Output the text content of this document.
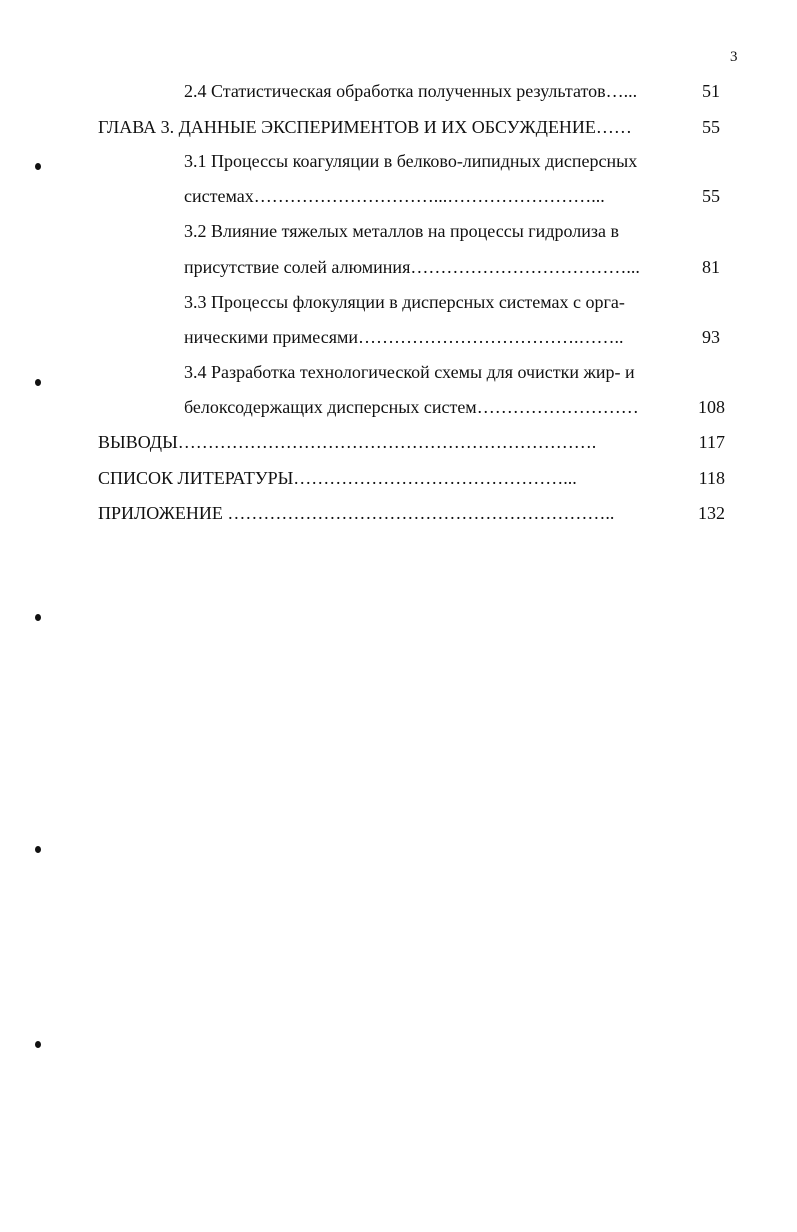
3
2.4 Статистическая обработка полученных результатов…...	51
ГЛАВА 3. ДАННЫЕ ЭКСПЕРИМЕНТОВ И ИХ ОБСУЖДЕНИЕ……	55
3.1 Процессы коагуляции в белково-липидных дисперсных
системах…………………………...……………………...	55
3.2 Влияние тяжелых металлов на процессы гидролиза в
присутствие солей алюминия………………………………...	81
3.3 Процессы флокуляции в дисперсных системах с орга-
ническими примесями……………………………….……..	93
3.4 Разработка технологической схемы для очистки жир- и
белоксодержащих дисперсных систем………………………	108
ВЫВОДЫ…………………………………………………………….	117
СПИСОК ЛИТЕРАТУРЫ………………………………………...	118
ПРИЛОЖЕНИЕ ………………………………………………………..	132
